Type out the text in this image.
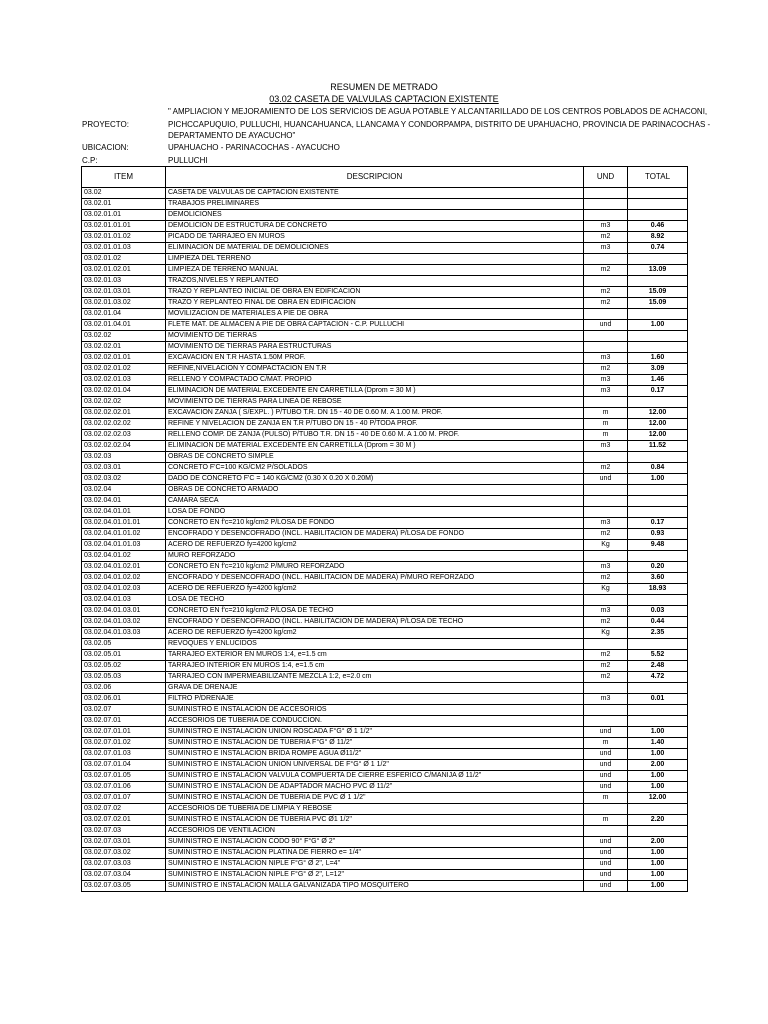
RESUMEN DE METRADO
03.02 CASETA DE VALVULAS CAPTACION EXISTENTE
" AMPLIACION Y MEJORAMIENTO DE LOS SERVICIOS DE AGUA POTABLE Y ALCANTARILLADO DE LOS CENTROS POBLADOS DE ACHACONI,
PROYECTO:	PICHCCAPUQUIO, PULLUCHI, HUANCAHUANCA, LLANCAMA Y CONDORPAMPA, DISTRITO DE UPAHUACHO, PROVINCIA DE PARINACOCHAS -
DEPARTAMENTO DE AYACUCHO"
UBICACION:	UPAHUACHO - PARINACOCHAS - AYACUCHO
C.P:	PULLUCHI
ITEM	DESCRIPCION	UND	TOTAL
03.02	CASETA DE VALVULAS DE CAPTACION EXISTENTE		
03.02.01	TRABAJOS PRELIMINARES		
03.02.01.01	DEMOLICIONES		
03.02.01.01.01	DEMOLICION DE ESTRUCTURA DE CONCRETO	m3	0.46
03.02.01.01.02	PICADO DE TARRAJEO EN MUROS	m2	8.92
03.02.01.01.03	ELIMINACION DE MATERIAL DE DEMOLICIONES	m3	0.74
03.02.01.02	LIMPIEZA DEL TERRENO		
03.02.01.02.01	LIMPIEZA DE TERRENO MANUAL	m2	13.09
03.02.01.03	TRAZOS,NIVELES Y REPLANTEO		
03.02.01.03.01	TRAZO Y REPLANTEO INICIAL DE OBRA EN EDIFICACION	m2	15.09
03.02.01.03.02	TRAZO Y REPLANTEO FINAL DE OBRA EN EDIFICACION	m2	15.09
03.02.01.04	MOVILIZACION DE MATERIALES A PIE DE OBRA		
03.02.01.04.01	FLETE MAT. DE ALMACEN A PIE DE OBRA CAPTACION - C.P. PULLUCHI	und	1.00
03.02.02	MOVIMIENTO DE TIERRAS		
03.02.02.01	MOVIMIENTO DE TIERRAS PARA ESTRUCTURAS		
03.02.02.01.01	EXCAVACION EN T.R HASTA 1.50M PROF.	m3	1.60
03.02.02.01.02	REFINE,NIVELACION Y COMPACTACION EN T.R	m2	3.09
03.02.02.01.03	RELLENO Y COMPACTADO C/MAT. PROPIO	m3	1.46
03.02.02.01.04	ELIMINACION DE MATERIAL EXCEDENTE EN CARRETILLA (Dprom = 30 M )	m3	0.17
03.02.02.02	MOVIMIENTO DE TIERRAS PARA LINEA DE REBOSE		
03.02.02.02.01	EXCAVACION ZANJA ( S/EXPL. ) P/TUBO T.R. DN 15 - 40 DE 0.60 M. A 1.00 M. PROF.	m	12.00
03.02.02.02.02	REFINE Y NIVELACION DE ZANJA EN T.R P/TUBO DN 15 - 40 P/TODA PROF.	m	12.00
03.02.02.02.03	RELLENO COMP. DE ZANJA (PULSO) P/TUBO T.R. DN 15 - 40 DE 0.60 M. A 1.00 M. PROF.	m	12.00
03.02.02.02.04	ELIMINACION DE MATERIAL EXCEDENTE EN CARRETILLA (Dprom = 30 M )	m3	11.52
03.02.03	OBRAS DE CONCRETO SIMPLE		
03.02.03.01	CONCRETO F'C=100 KG/CM2 P/SOLADOS	m2	0.84
03.02.03.02	DADO DE CONCRETO F'C = 140 KG/CM2 (0.30 X 0.20 X 0.20M)	und	1.00
03.02.04	OBRAS DE CONCRETO ARMADO		
03.02.04.01	CAMARA SECA		
03.02.04.01.01	LOSA DE FONDO		
03.02.04.01.01.01	CONCRETO EN f'c=210 kg/cm2 P/LOSA DE FONDO	m3	0.17
03.02.04.01.01.02	ENCOFRADO Y DESENCOFRADO (INCL. HABILITACION DE MADERA) P/LOSA DE FONDO	m2	0.93
03.02.04.01.01.03	ACERO DE REFUERZO fy=4200 kg/cm2	Kg	9.48
03.02.04.01.02	MURO REFORZADO		
03.02.04.01.02.01	CONCRETO EN f'c=210 kg/cm2 P/MURO REFORZADO	m3	0.20
03.02.04.01.02.02	ENCOFRADO Y DESENCOFRADO (INCL. HABILITACION DE MADERA) P/MURO REFORZADO	m2	3.60
03.02.04.01.02.03	ACERO DE REFUERZO fy=4200 kg/cm2	Kg	18.93
03.02.04.01.03	LOSA DE TECHO		
03.02.04.01.03.01	CONCRETO EN f'c=210 kg/cm2 P/LOSA DE TECHO	m3	0.03
03.02.04.01.03.02	ENCOFRADO Y DESENCOFRADO (INCL. HABILITACION DE MADERA) P/LOSA DE TECHO	m2	0.44
03.02.04.01.03.03	ACERO DE REFUERZO fy=4200 kg/cm2	Kg	2.35
03.02.05	REVOQUES Y ENLUCIDOS		
03.02.05.01	TARRAJEO EXTERIOR EN MUROS 1:4, e=1.5 cm	m2	5.52
03.02.05.02	TARRAJEO INTERIOR EN MUROS 1:4, e=1.5 cm	m2	2.48
03.02.05.03	TARRAJEO CON IMPERMEABILIZANTE MEZCLA 1:2, e=2.0 cm	m2	4.72
03.02.06	GRAVA DE DRENAJE		
03.02.06.01	FILTRO P/DRENAJE	m3	0.01
03.02.07	SUMINISTRO E INSTALACION DE ACCESORIOS		
03.02.07.01	ACCESORIOS DE TUBERIA DE CONDUCCION.		
03.02.07.01.01	SUMINISTRO E INSTALACION UNION ROSCADA F°G° Ø 1 1/2"	und	1.00
03.02.07.01.02	SUMINISTRO E INSTALACION DE TUBERIA F°G° Ø 11/2"	m	1.40
03.02.07.01.03	SUMINISTRO E INSTALACION BRIDA ROMPE AGUA Ø11/2"	und	1.00
03.02.07.01.04	SUMINISTRO E INSTALACION UNION UNIVERSAL DE F°G° Ø 1 1/2"	und	2.00
03.02.07.01.05	SUMINISTRO E INSTALACION VALVULA COMPUERTA DE CIERRE ESFERICO C/MANIJA Ø 11/2"	und	1.00
03.02.07.01.06	SUMINISTRO E INSTALACION DE ADAPTADOR MACHO PVC Ø 11/2"	und	1.00
03.02.07.01.07	SUMINISTRO E INSTALACION DE TUBERIA DE PVC Ø 1 1/2"	m	12.00
03.02.07.02	ACCESORIOS DE TUBERIA DE LIMPIA Y REBOSE		
03.02.07.02.01	SUMINISTRO E INSTALACION DE TUBERIA PVC Ø1 1/2"	m	2.20
03.02.07.03	ACCESORIOS DE VENTILACION		
03.02.07.03.01	SUMINISTRO E INSTALACION CODO 90° F°G° Ø 2"	und	2.00
03.02.07.03.02	SUMINISTRO E INSTALACION PLATINA DE FIERRO e= 1/4"	und	1.00
03.02.07.03.03	SUMINISTRO E INSTALACION NIPLE F°G° Ø 2", L=4"	und	1.00
03.02.07.03.04	SUMINISTRO E INSTALACION NIPLE F°G° Ø 2", L=12"	und	1.00
03.02.07.03.05	SUMINISTRO E INSTALACION MALLA GALVANIZADA TIPO MOSQUITERO	und	1.00
